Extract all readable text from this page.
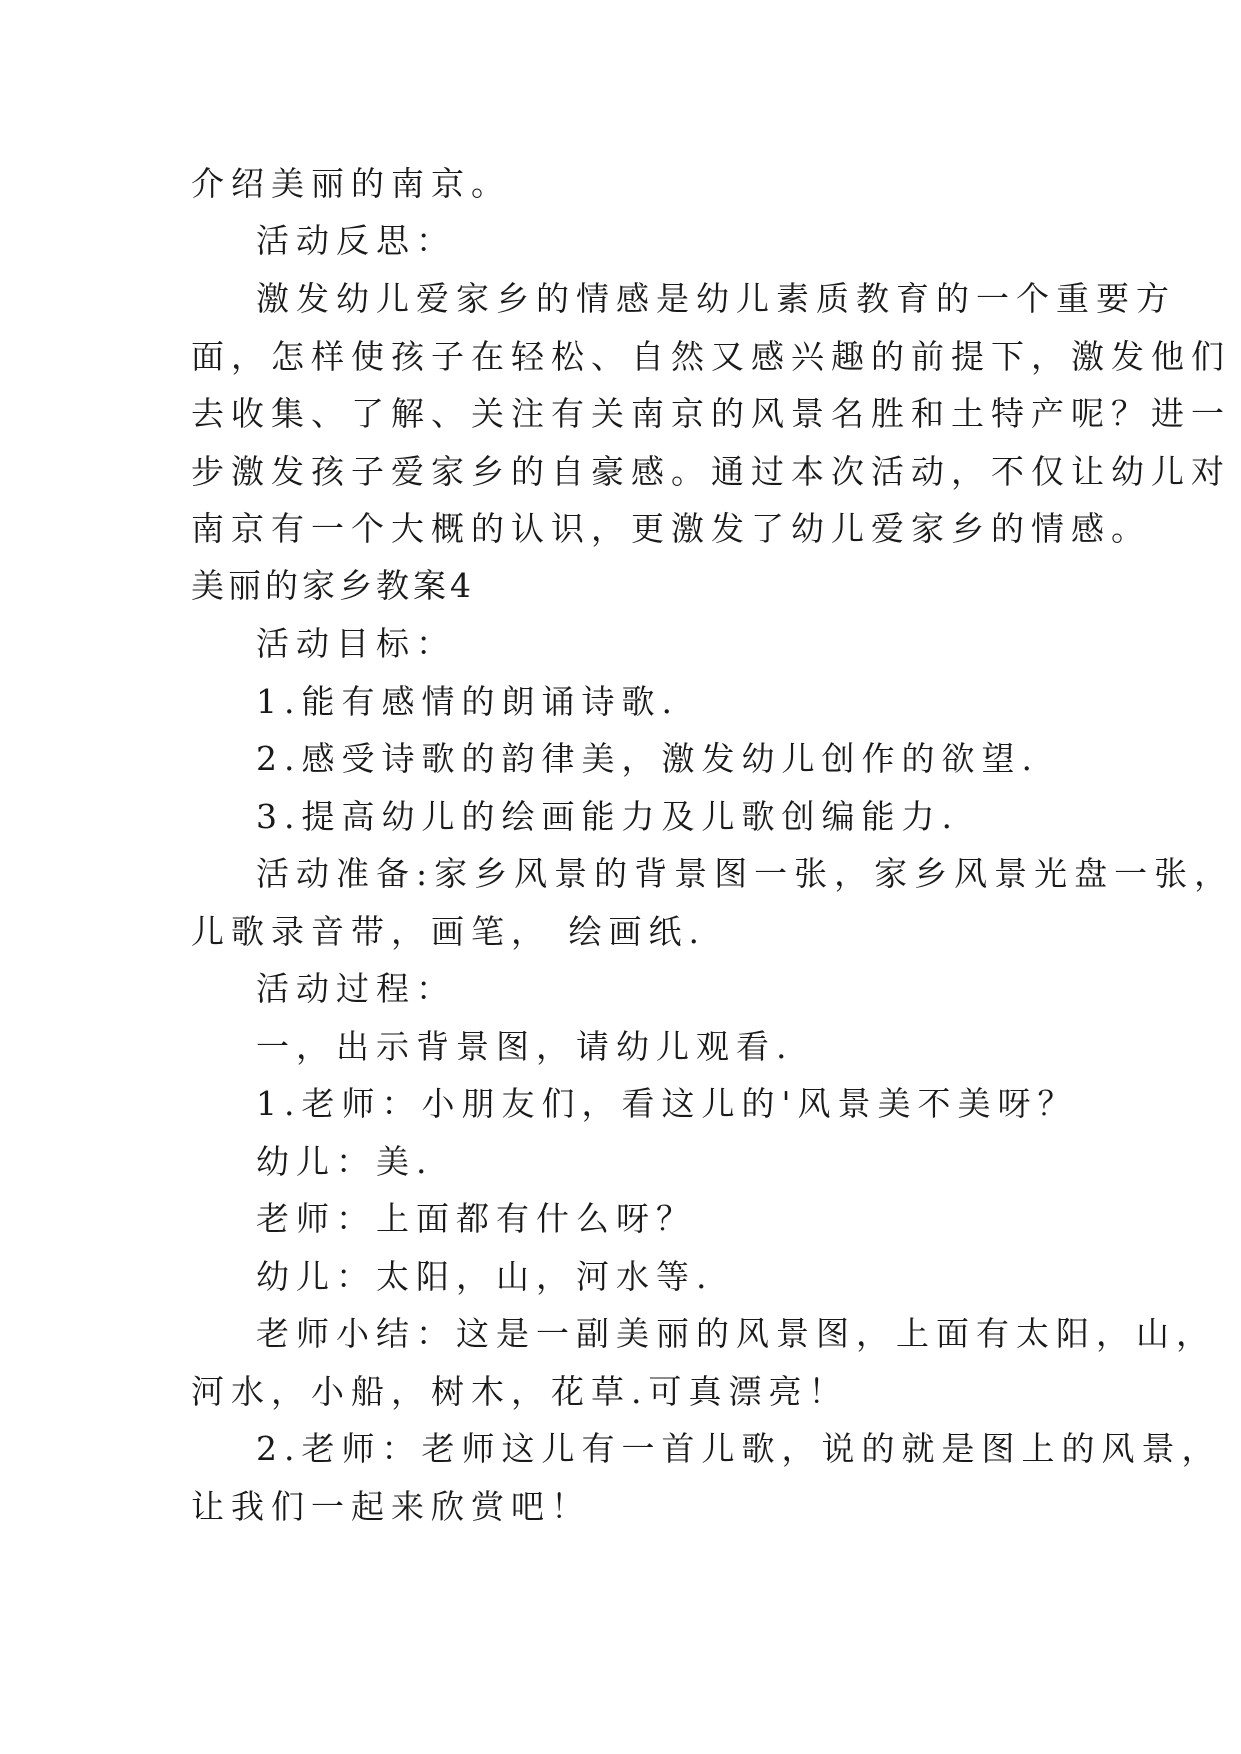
介绍美丽的南京。
活动反思：
激发幼儿爱家乡的情感是幼儿素质教育的一个重要方
面，怎样使孩子在轻松、自然又感兴趣的前提下，激发他们
去收集、了解、关注有关南京的风景名胜和土特产呢？进一
步激发孩子爱家乡的自豪感。通过本次活动，不仅让幼儿对
南京有一个大概的认识，更激发了幼儿爱家乡的情感。
美丽的家乡教案4
活动目标：
1.能有感情的朗诵诗歌.
2.感受诗歌的韵律美，激发幼儿创作的欲望.
3.提高幼儿的绘画能力及儿歌创编能力.
活动准备:家乡风景的背景图一张，家乡风景光盘一张，
儿歌录音带，画笔， 绘画纸.
活动过程：
一，出示背景图，请幼儿观看.
1.老师：小朋友们，看这儿的'风景美不美呀？
幼儿：美.
老师：上面都有什么呀？
幼儿：太阳，山，河水等.
老师小结：这是一副美丽的风景图，上面有太阳，山，
河水，小船，树木，花草.可真漂亮！
2.老师：老师这儿有一首儿歌，说的就是图上的风景，
让我们一起来欣赏吧！
